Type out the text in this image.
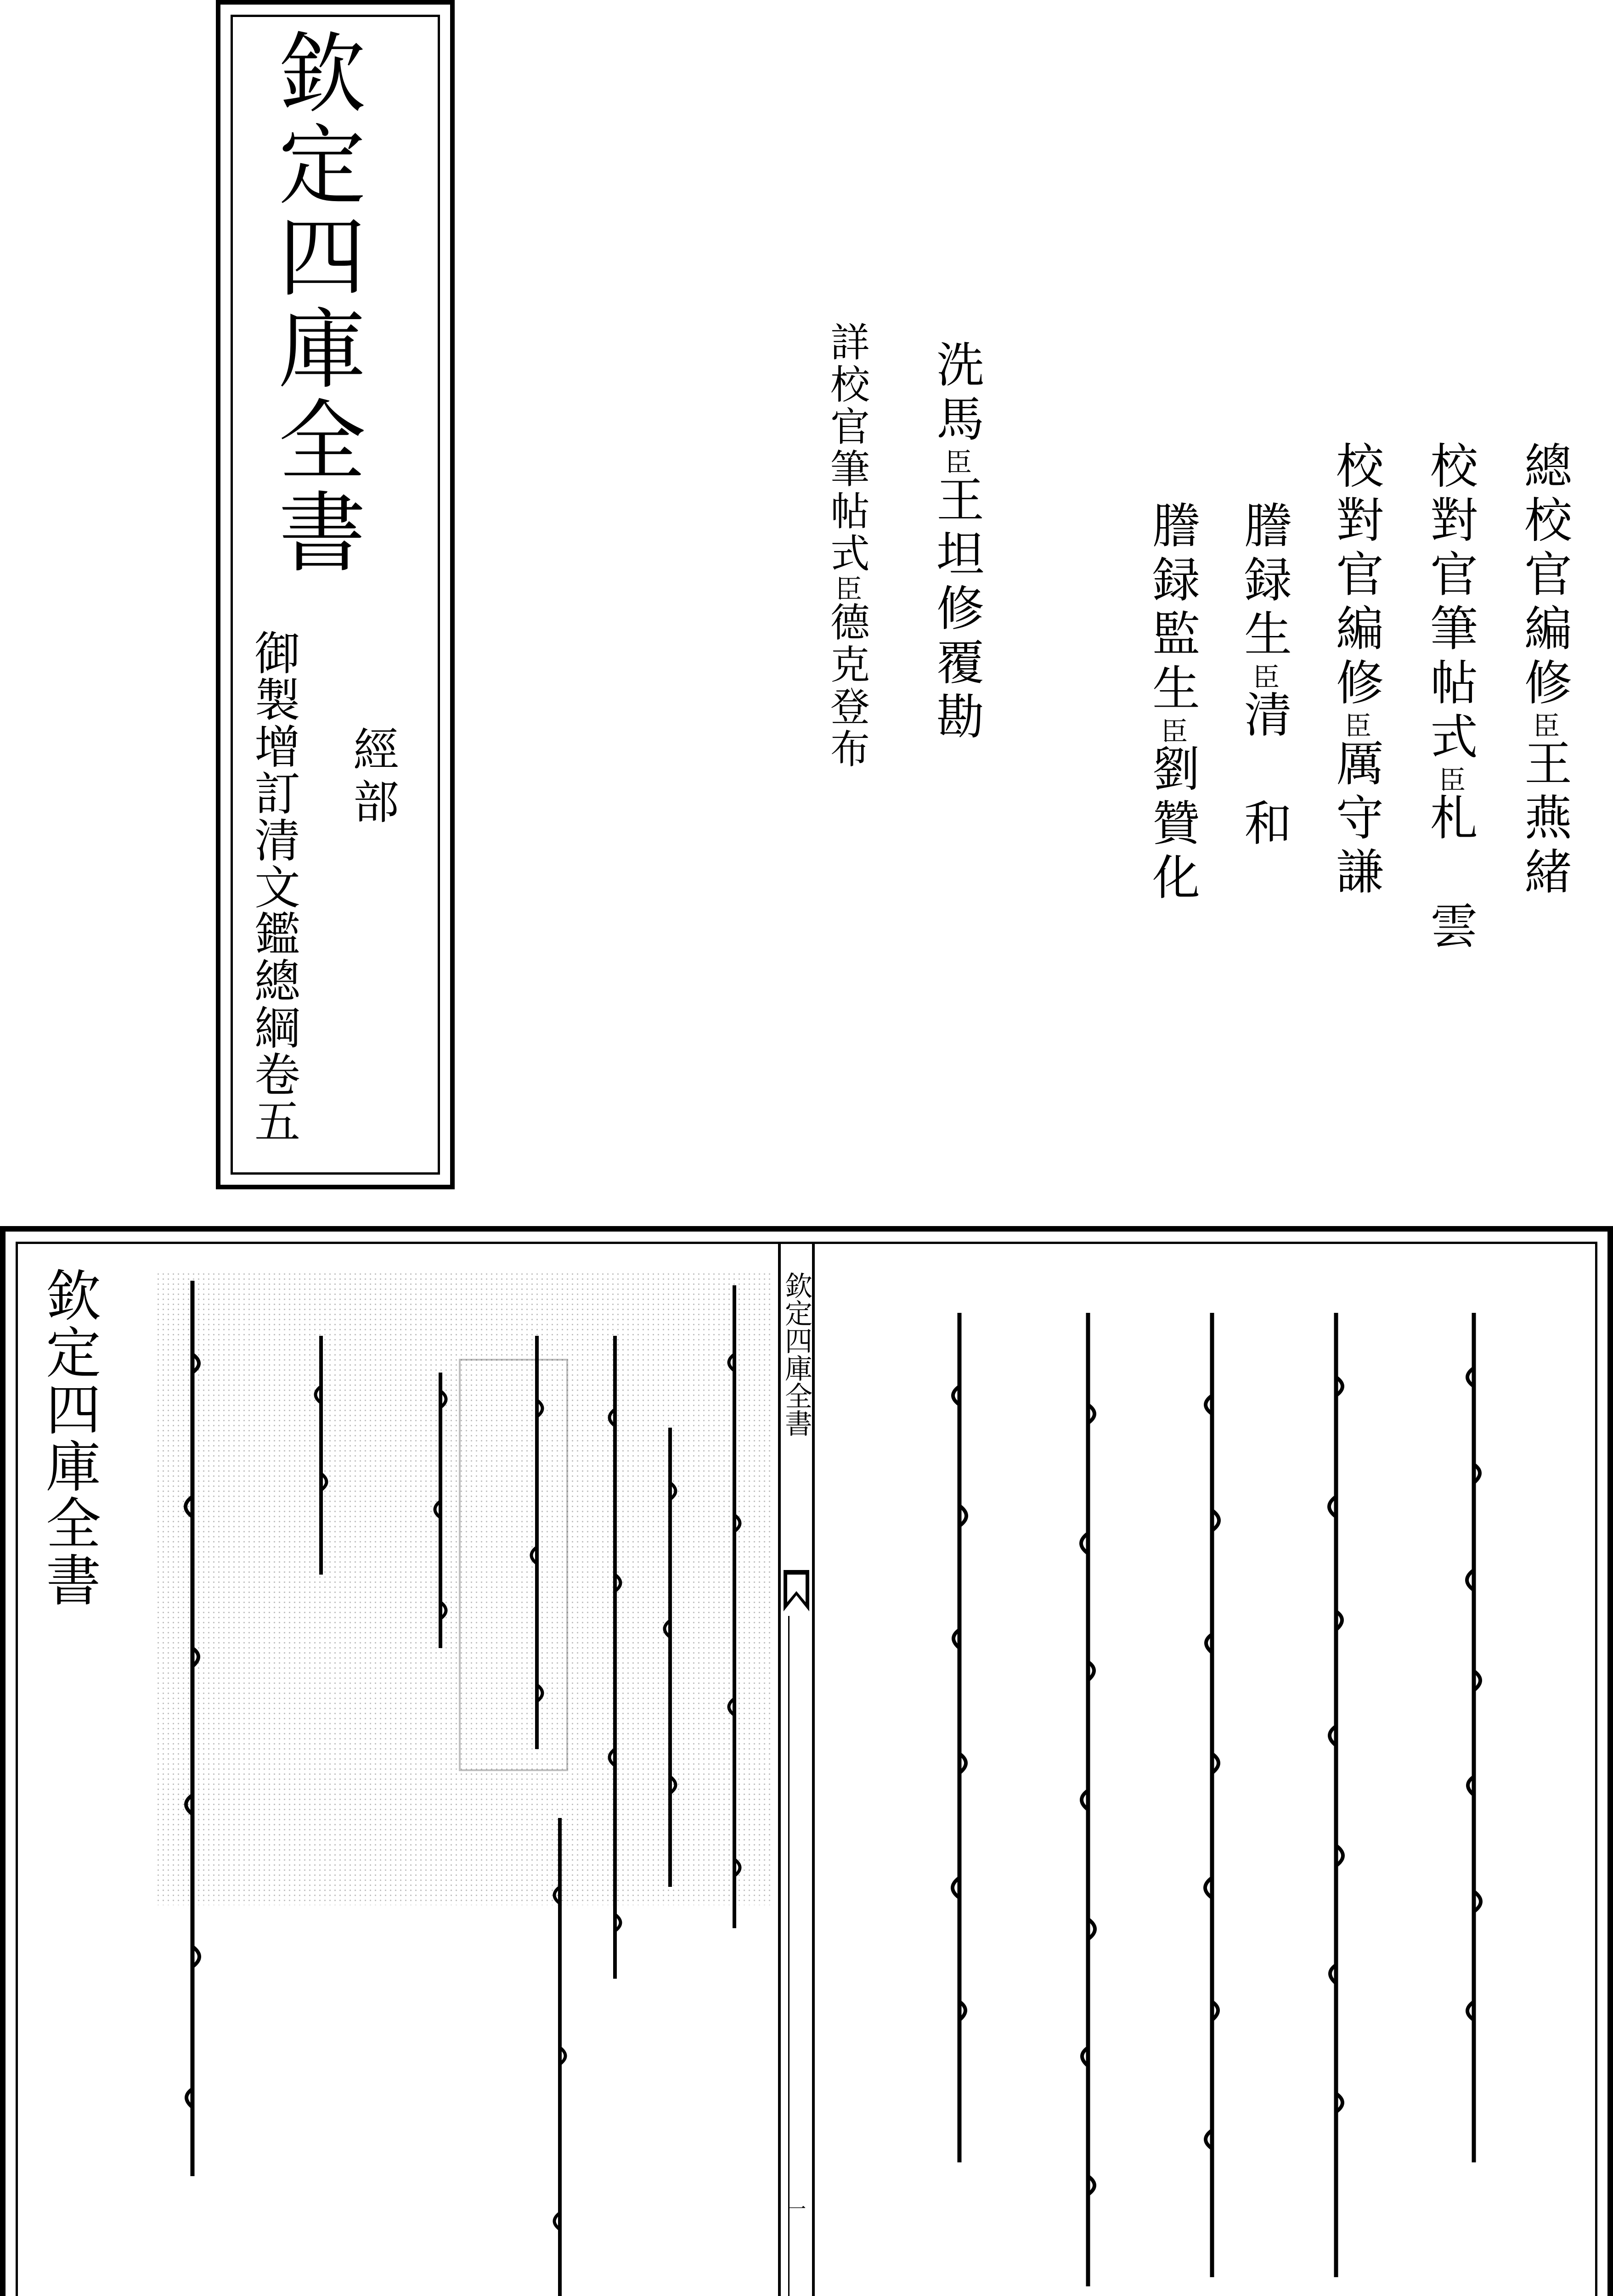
欽定四庫全書
御製增訂清文鑑總綱卷五 經部
洗馬臣王坦修覆勘
詳校官筆帖式臣德克登布	總校官編修臣王燕緒
校對官筆帖式臣札　雲
校對官編修臣厲守謙
謄録生臣清　和
謄録監生臣劉贊化
欽定四庫全書	欽定四庫全書
一
